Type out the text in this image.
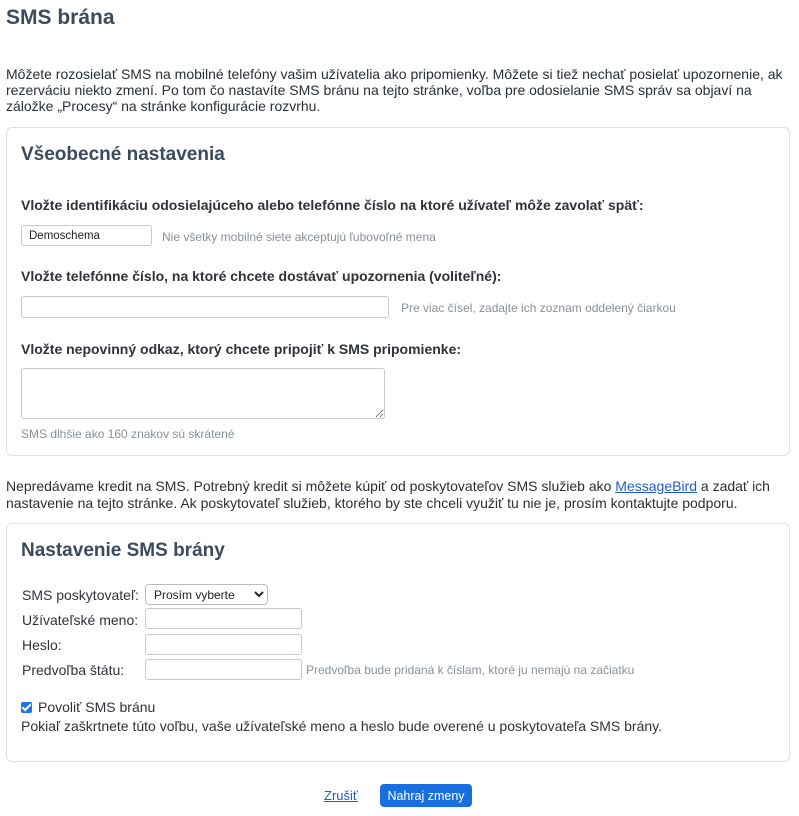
SMS brána

Môžete rozosielať SMS na mobilné telefóny vašim užívatelia ako pripomienky. Môžete si tiež nechať posielať upozornenie, ak rezerváciu niekto zmení. Po tom čo nastavíte SMS bránu na tejto stránke, voľba pre odosielanie SMS správ sa objaví na záložke „Procesy“ na stránke konfigurácie rozvrhu.

Všeobecné nastavenia
Vložte identifikáciu odosielajúceho alebo telefónne číslo na ktoré užívateľ môže zavolať späť:
Demoschema
Nie všetky mobilné siete akceptujú ľubovoľné mena
Vložte telefónne číslo, na ktoré chcete dostávať upozornenia (voliteľné):
Pre viac čísel, zadajte ich zoznam oddelený čiarkou
Vložte nepovinný odkaz, ktorý chcete pripojiť k SMS pripomienke:
SMS dlhšie ako 160 znakov sú skrátené

Nepredávame kredit na SMS. Potrebný kredit si môžete kúpiť od poskytovateľov SMS služieb ako MessageBird a zadať ich nastavenie na tejto stránke. Ak poskytovateľ služieb, ktorého by ste chceli využiť tu nie je, prosím kontaktujte podporu.

Nastavenie SMS brány
SMS poskytovateľ:
Prosím vyberte
Užívateľské meno:
Heslo:
Predvoľba štátu:	Predvoľba bude pridaná k číslam, ktoré ju nemajú na začiatku
Povoliť SMS bránu
Pokiaľ zaškrtnete túto voľbu, vaše užívateľské meno a heslo bude overené u poskytovateľa SMS brány.
Zrušiť	Nahraj zmeny
